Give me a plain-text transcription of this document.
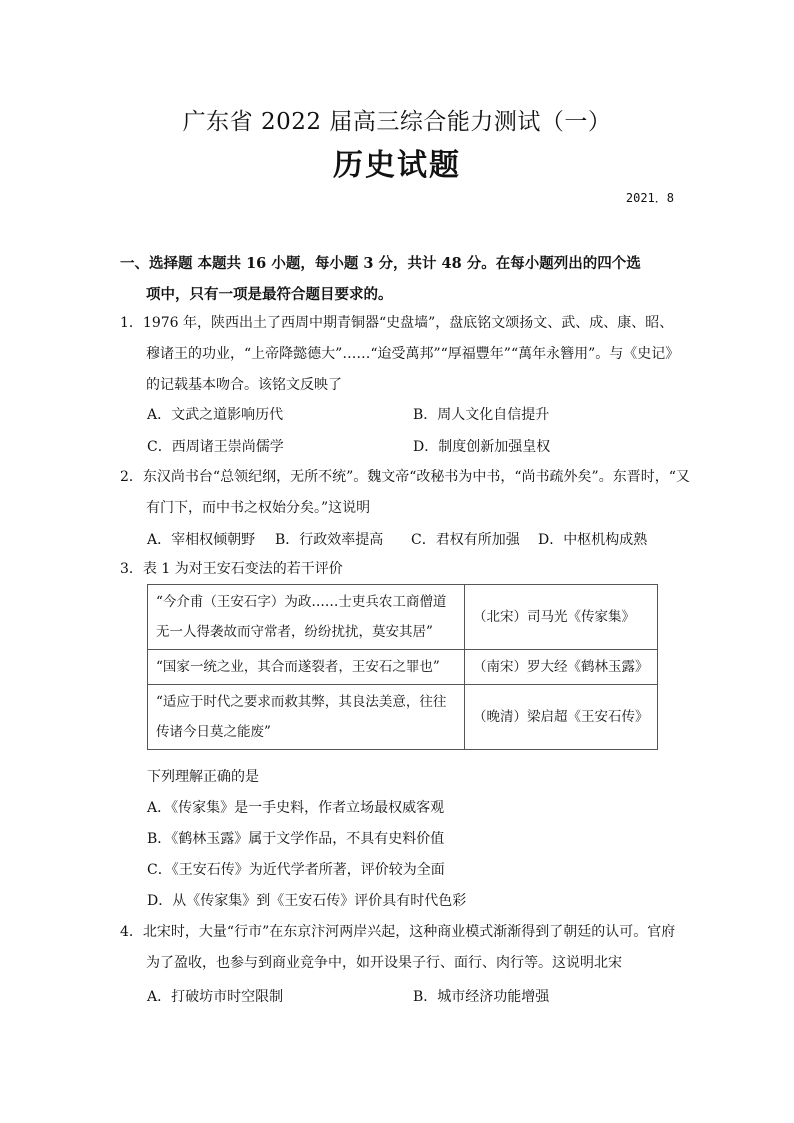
广东省 2022 届高三综合能力测试（一）
历史试题
2021．8
一、选择题 本题共 16 小题，每小题 3 分，共计 48 分。在每小题列出的四个选
项中，只有一项是最符合题目要求的。
1．1976 年，陕西出土了西周中期青铜器“史盘墙”，盘底铭文颂扬文、武、成、康、昭、
穆诸王的功业，“上帝降懿德大”……“迨受萬邦”“厚福豐年”“萬年永簪用”。与《史记》
的记载基本吻合。该铭文反映了
A．文武之道影响历代	B．周人文化自信提升
C．西周诸王崇尚儒学	D．制度创新加强皇权
2．东汉尚书台“总领纪纲，无所不统”。魏文帝“改秘书为中书，“尚书疏外矣”。东晋时，“又
有门下，而中书之权始分矣。”这说明
A．宰相权倾朝野 B．行政效率提高 C．君权有所加强 D．中枢机构成熟
3．表 1 为对王安石变法的若干评价
“今介甫（王安石字）为政……士吏兵农工商僧道
无一人得袭故而守常者，纷纷扰扰，莫安其居”	（北宋）司马光《传家集》

“国家一统之业，其合而遂裂者，王安石之罪也”	（南宋）罗大经《鹤林玉露》

“适应于时代之要求而救其弊，其良法美意，往往
传诸今日莫之能废”	（晚清）梁启超《王安石传》
下列理解正确的是
A．《传家集》是一手史料，作者立场最权威客观
B．《鹤林玉露》属于文学作品，不具有史料价值
C．《王安石传》为近代学者所著，评价较为全面
D．从《传家集》到《王安石传》评价具有时代色彩
4．北宋时，大量“行市”在东京汴河两岸兴起，这种商业模式渐渐得到了朝廷的认可。官府
为了盈收，也参与到商业竞争中，如开设果子行、面行、肉行等。这说明北宋
A．打破坊市时空限制	B．城市经济功能增强
